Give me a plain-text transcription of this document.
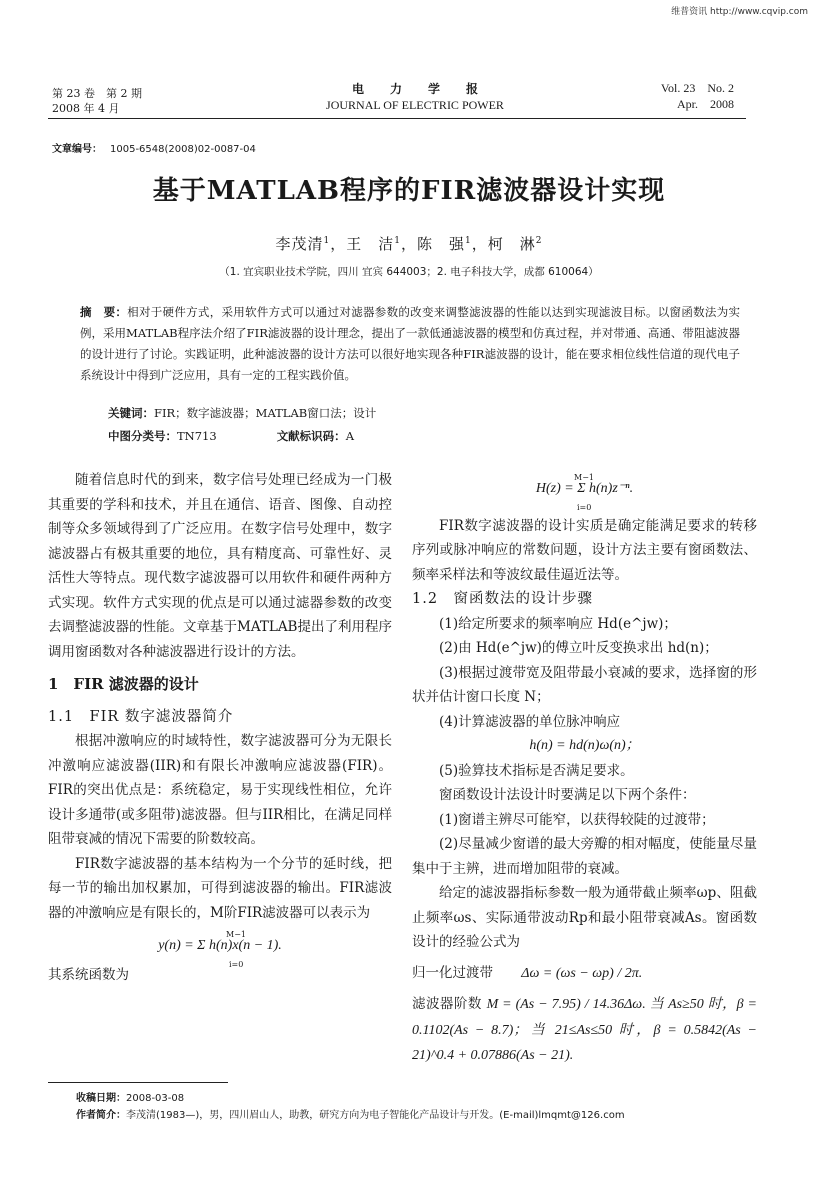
维普资讯 http://www.cqvip.com
第 23 卷　第 2 期
2008 年 4 月
电力学报
JOURNAL OF ELECTRIC POWER
Vol. 23　No. 2
Apr.　2008
文章编号： 1005-6548(2008)02-0087-04
基于MATLAB程序的FIR滤波器设计实现
李茂清$^1$，王　洁$^1$，陈　强$^1$，柯　淋$^2$
（1. 宜宾职业技术学院，四川 宜宾 644003；2. 电子科技大学，成都 610064）
摘　要：相对于硬件方式，采用软件方式可以通过对滤器参数的改变来调整滤波器的性能以达到实现滤波目标。以窗函数法为实例，采用MATLAB程序法介绍了FIR滤波器的设计理念，提出了一款低通滤波器的模型和仿真过程，并对带通、高通、带阻滤波器的设计进行了讨论。实践证明，此种滤波器的设计方法可以很好地实现各种FIR滤波器的设计，能在要求相位线性信道的现代电子系统设计中得到广泛应用，具有一定的工程实践价值。
关键词：FIR；数字滤波器；MATLAB窗口法；设计
中图分类号：TN713	文献标识码：A

随着信息时代的到来，数字信号处理已经成为一门极其重要的学科和技术，并且在通信、语音、图像、自动控制等众多领域得到了广泛应用。在数字信号处理中，数字滤波器占有极其重要的地位，具有精度高、可靠性好、灵活性大等特点。现代数字滤波器可以用软件和硬件两种方式实现。软件方式实现的优点是可以通过滤器参数的改变去调整滤波器的性能。文章基于MATLAB提出了利用程序调用窗函数对各种滤波器进行设计的方法。

1　FIR 滤波器的设计

1.1　FIR 数字滤波器简介

根据冲激响应的时域特性，数字滤波器可分为无限长冲激响应滤波器(IIR)和有限长冲激响应滤波器(FIR)。FIR的突出优点是：系统稳定，易于实现线性相位，允许设计多通带(或多阻带)滤波器。但与IIR相比，在满足同样阻带衰减的情况下需要的阶数较高。

FIR数字滤波器的基本结构为一个分节的延时线，把每一节的输出加权累加，可得到滤波器的输出。FIR滤波器的冲激响应是有限长的，M阶FIR滤波器可以表示为

y(n) = Σ h(n)x(n − 1).
M−1
i=0

其系统函数为

H(z) = Σ h(n)z⁻ⁿ.
M−1
i=0

FIR数字滤波器的设计实质是确定能满足要求的转移序列或脉冲响应的常数问题，设计方法主要有窗函数法、频率采样法和等波纹最佳逼近法等。

1.2　窗函数法的设计步骤

(1)给定所要求的频率响应 Hd(e^jw)；

(2)由 Hd(e^jw)的傅立叶反变换求出 hd(n)；

(3)根据过渡带宽及阻带最小衰减的要求，选择窗的形状并估计窗口长度 N；

(4)计算滤波器的单位脉冲响应

h(n) = hd(n)ω(n)；

(5)验算技术指标是否满足要求。

窗函数设计法设计时要满足以下两个条件：

(1)窗谱主辨尽可能窄，以获得较陡的过渡带；

(2)尽量减少窗谱的最大旁瓣的相对幅度，使能量尽量集中于主辨，进而增加阻带的衰减。

给定的滤波器指标参数一般为通带截止频率ωp、阻截止频率ωs、实际通带波动Rp和最小阻带衰减As。窗函数设计的经验公式为

归一化过渡带 Δω = (ωs − ωp) / 2π.

滤波器阶数 M = (As − 7.95) / 14.36Δω. 当 As≥50 时，β = 0.1102(As − 8.7)；当 21≤As≤50 时，β = 0.5842(As − 21)^0.4 + 0.07886(As − 21).

收稿日期：2008-03-08
作者简介：李茂清(1983—)，男，四川眉山人，助教，研究方向为电子智能化产品设计与开发。(E-mail)lmqmt@126.com
